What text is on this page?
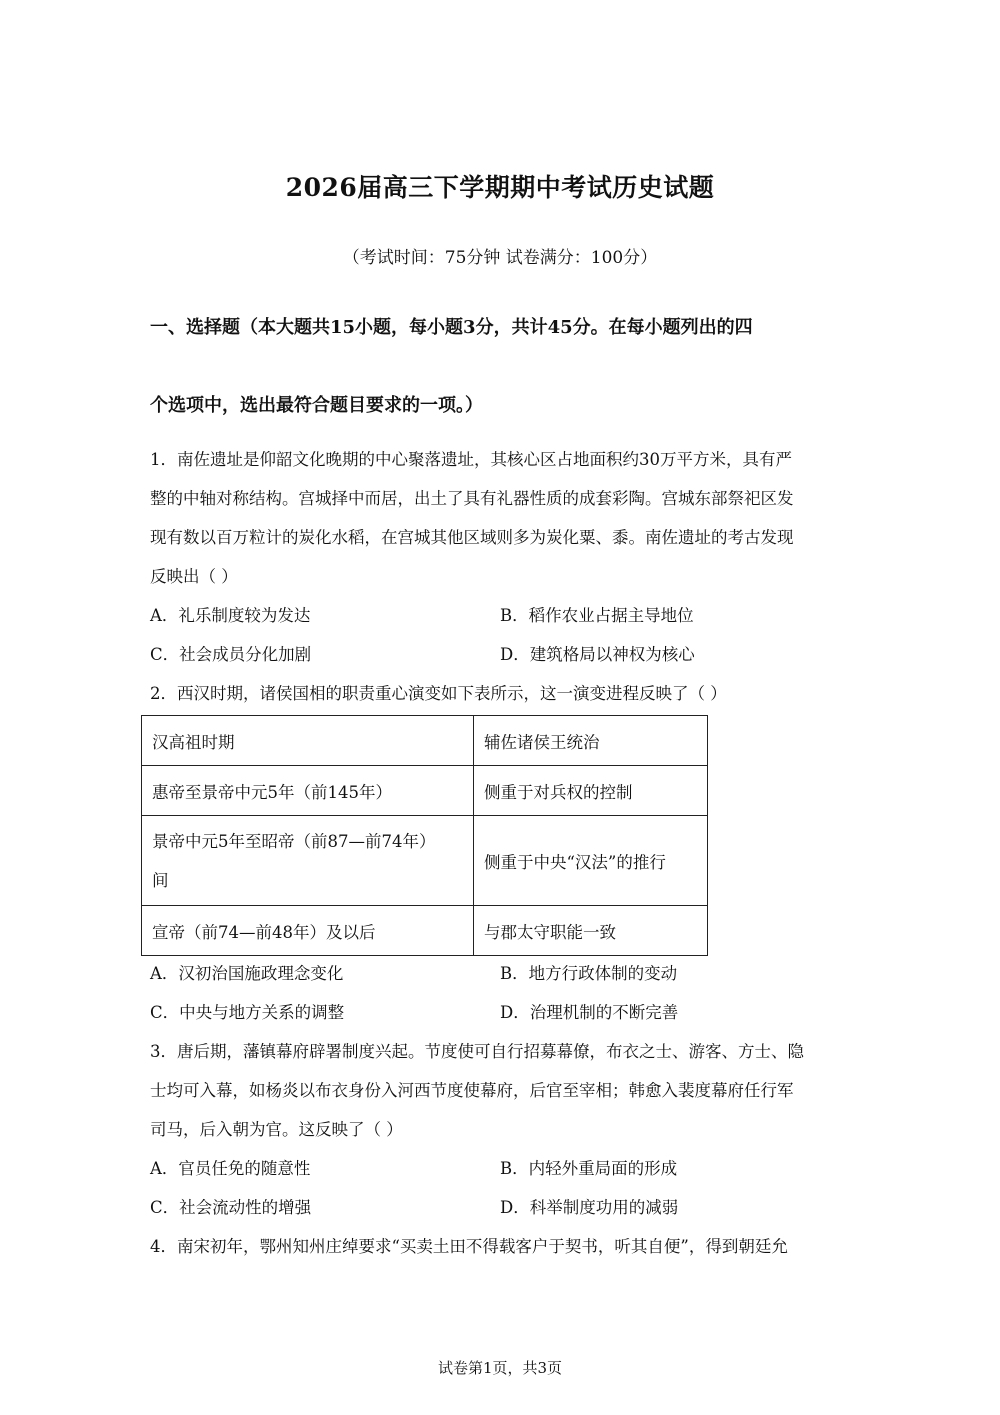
2026届高三下学期期中考试历史试题
（考试时间：75分钟 试卷满分：100分）
一、选择题（本大题共15小题，每小题3分，共计45分。在每小题列出的四
个选项中，选出最符合题目要求的一项。）
1．南佐遗址是仰韶文化晚期的中心聚落遗址，其核心区占地面积约30万平方米，具有严
整的中轴对称结构。宫城择中而居，出土了具有礼器性质的成套彩陶。宫城东部祭祀区发
现有数以百万粒计的炭化水稻，在宫城其他区域则多为炭化粟、黍。南佐遗址的考古发现
反映出（ ）
A．礼乐制度较为发达	B．稻作农业占据主导地位
C．社会成员分化加剧	D．建筑格局以神权为核心
2．西汉时期，诸侯国相的职责重心演变如下表所示，这一演变进程反映了（ ）
汉高祖时期	辅佐诸侯王统治
惠帝至景帝中元5年（前145年）	侧重于对兵权的控制

景帝中元5年至昭帝（前87—前74年）
间	侧重于中央“汉法”的推行
宣帝（前74—前48年）及以后	与郡太守职能一致
A．汉初治国施政理念变化	B．地方行政体制的变动
C．中央与地方关系的调整	D．治理机制的不断完善
3．唐后期，藩镇幕府辟署制度兴起。节度使可自行招募幕僚，布衣之士、游客、方士、隐
士均可入幕，如杨炎以布衣身份入河西节度使幕府，后官至宰相；韩愈入裴度幕府任行军
司马，后入朝为官。这反映了（ ）
A．官员任免的随意性	B．内轻外重局面的形成
C．社会流动性的增强	D．科举制度功用的减弱
4．南宋初年，鄂州知州庄绰要求“买卖土田不得载客户于契书，听其自便”，得到朝廷允
试卷第1页，共3页
